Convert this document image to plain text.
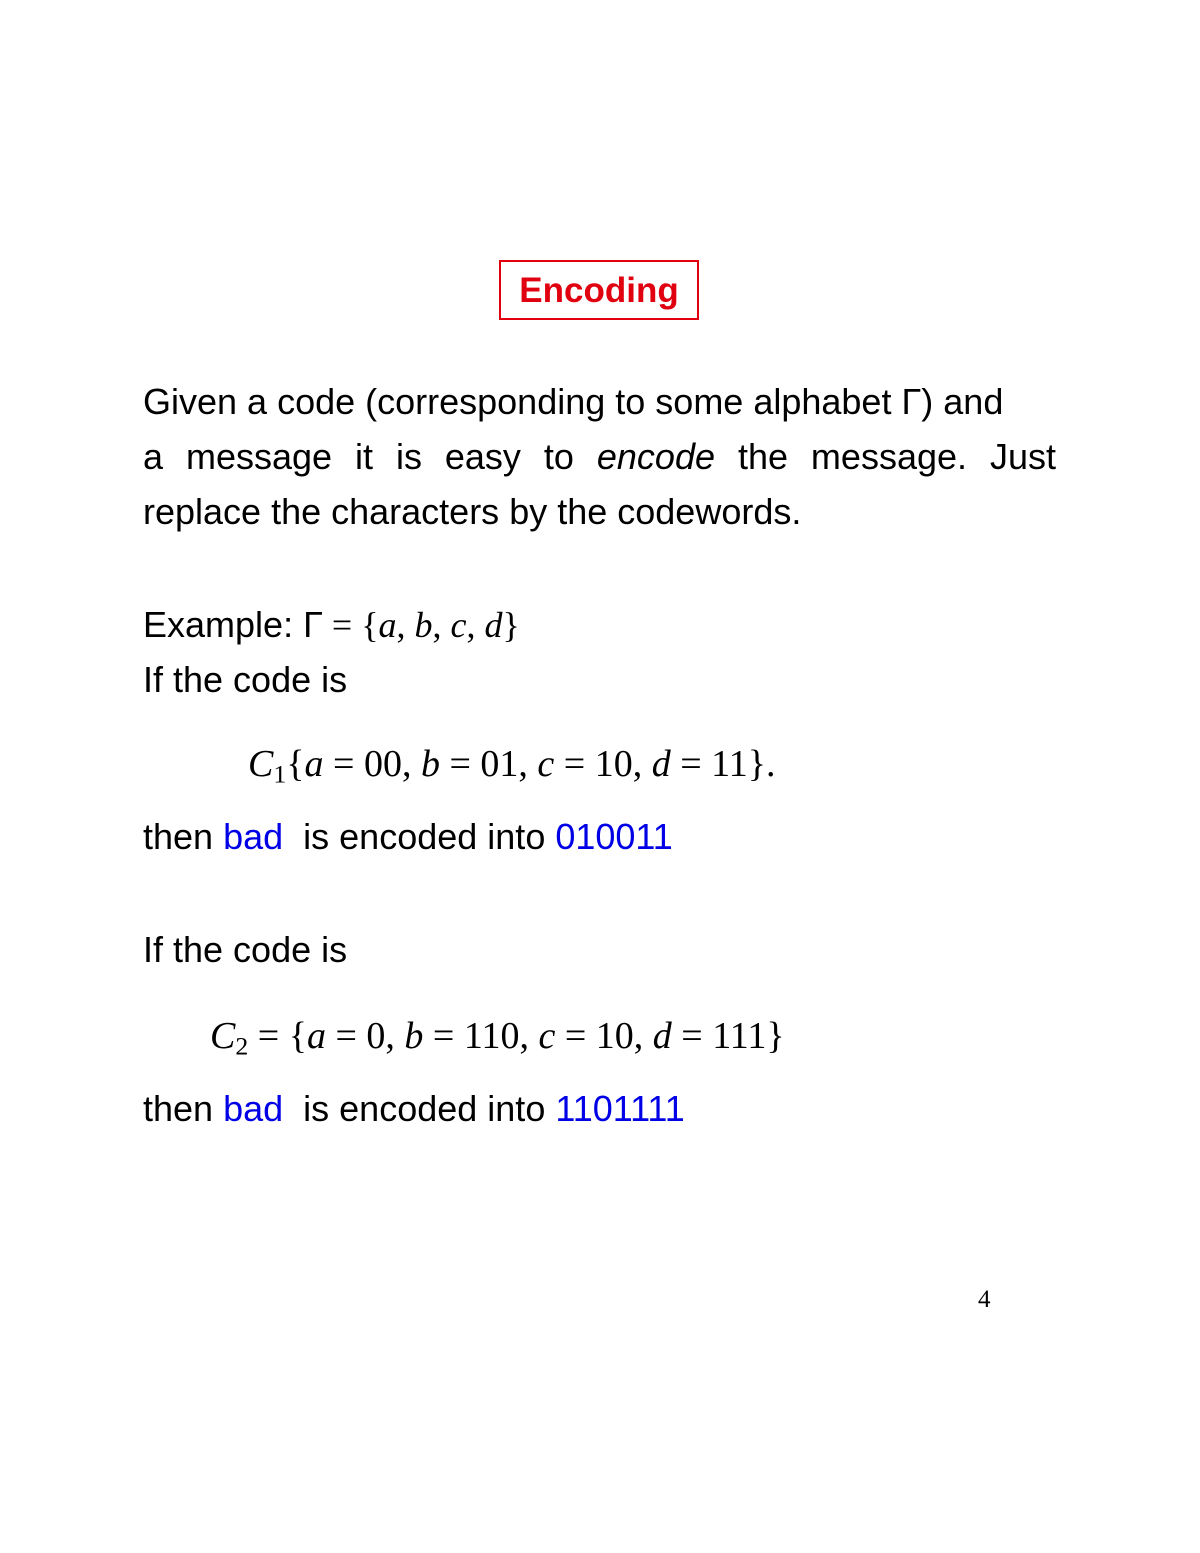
Encoding
Given a code (corresponding to some alphabet Γ) and
a message it is easy to encode the message. Just
replace the characters by the codewords.
Example: Γ = {a, b, c, d}
If the code is
$C_1\{a = 00$, b = 01, c = 10, d = 11}.
then bad  is encoded into 010011
If the code is
$C_2 = \{a = 0$, b = 110, c = 10, d = 111}
then bad  is encoded into 1101111
4
